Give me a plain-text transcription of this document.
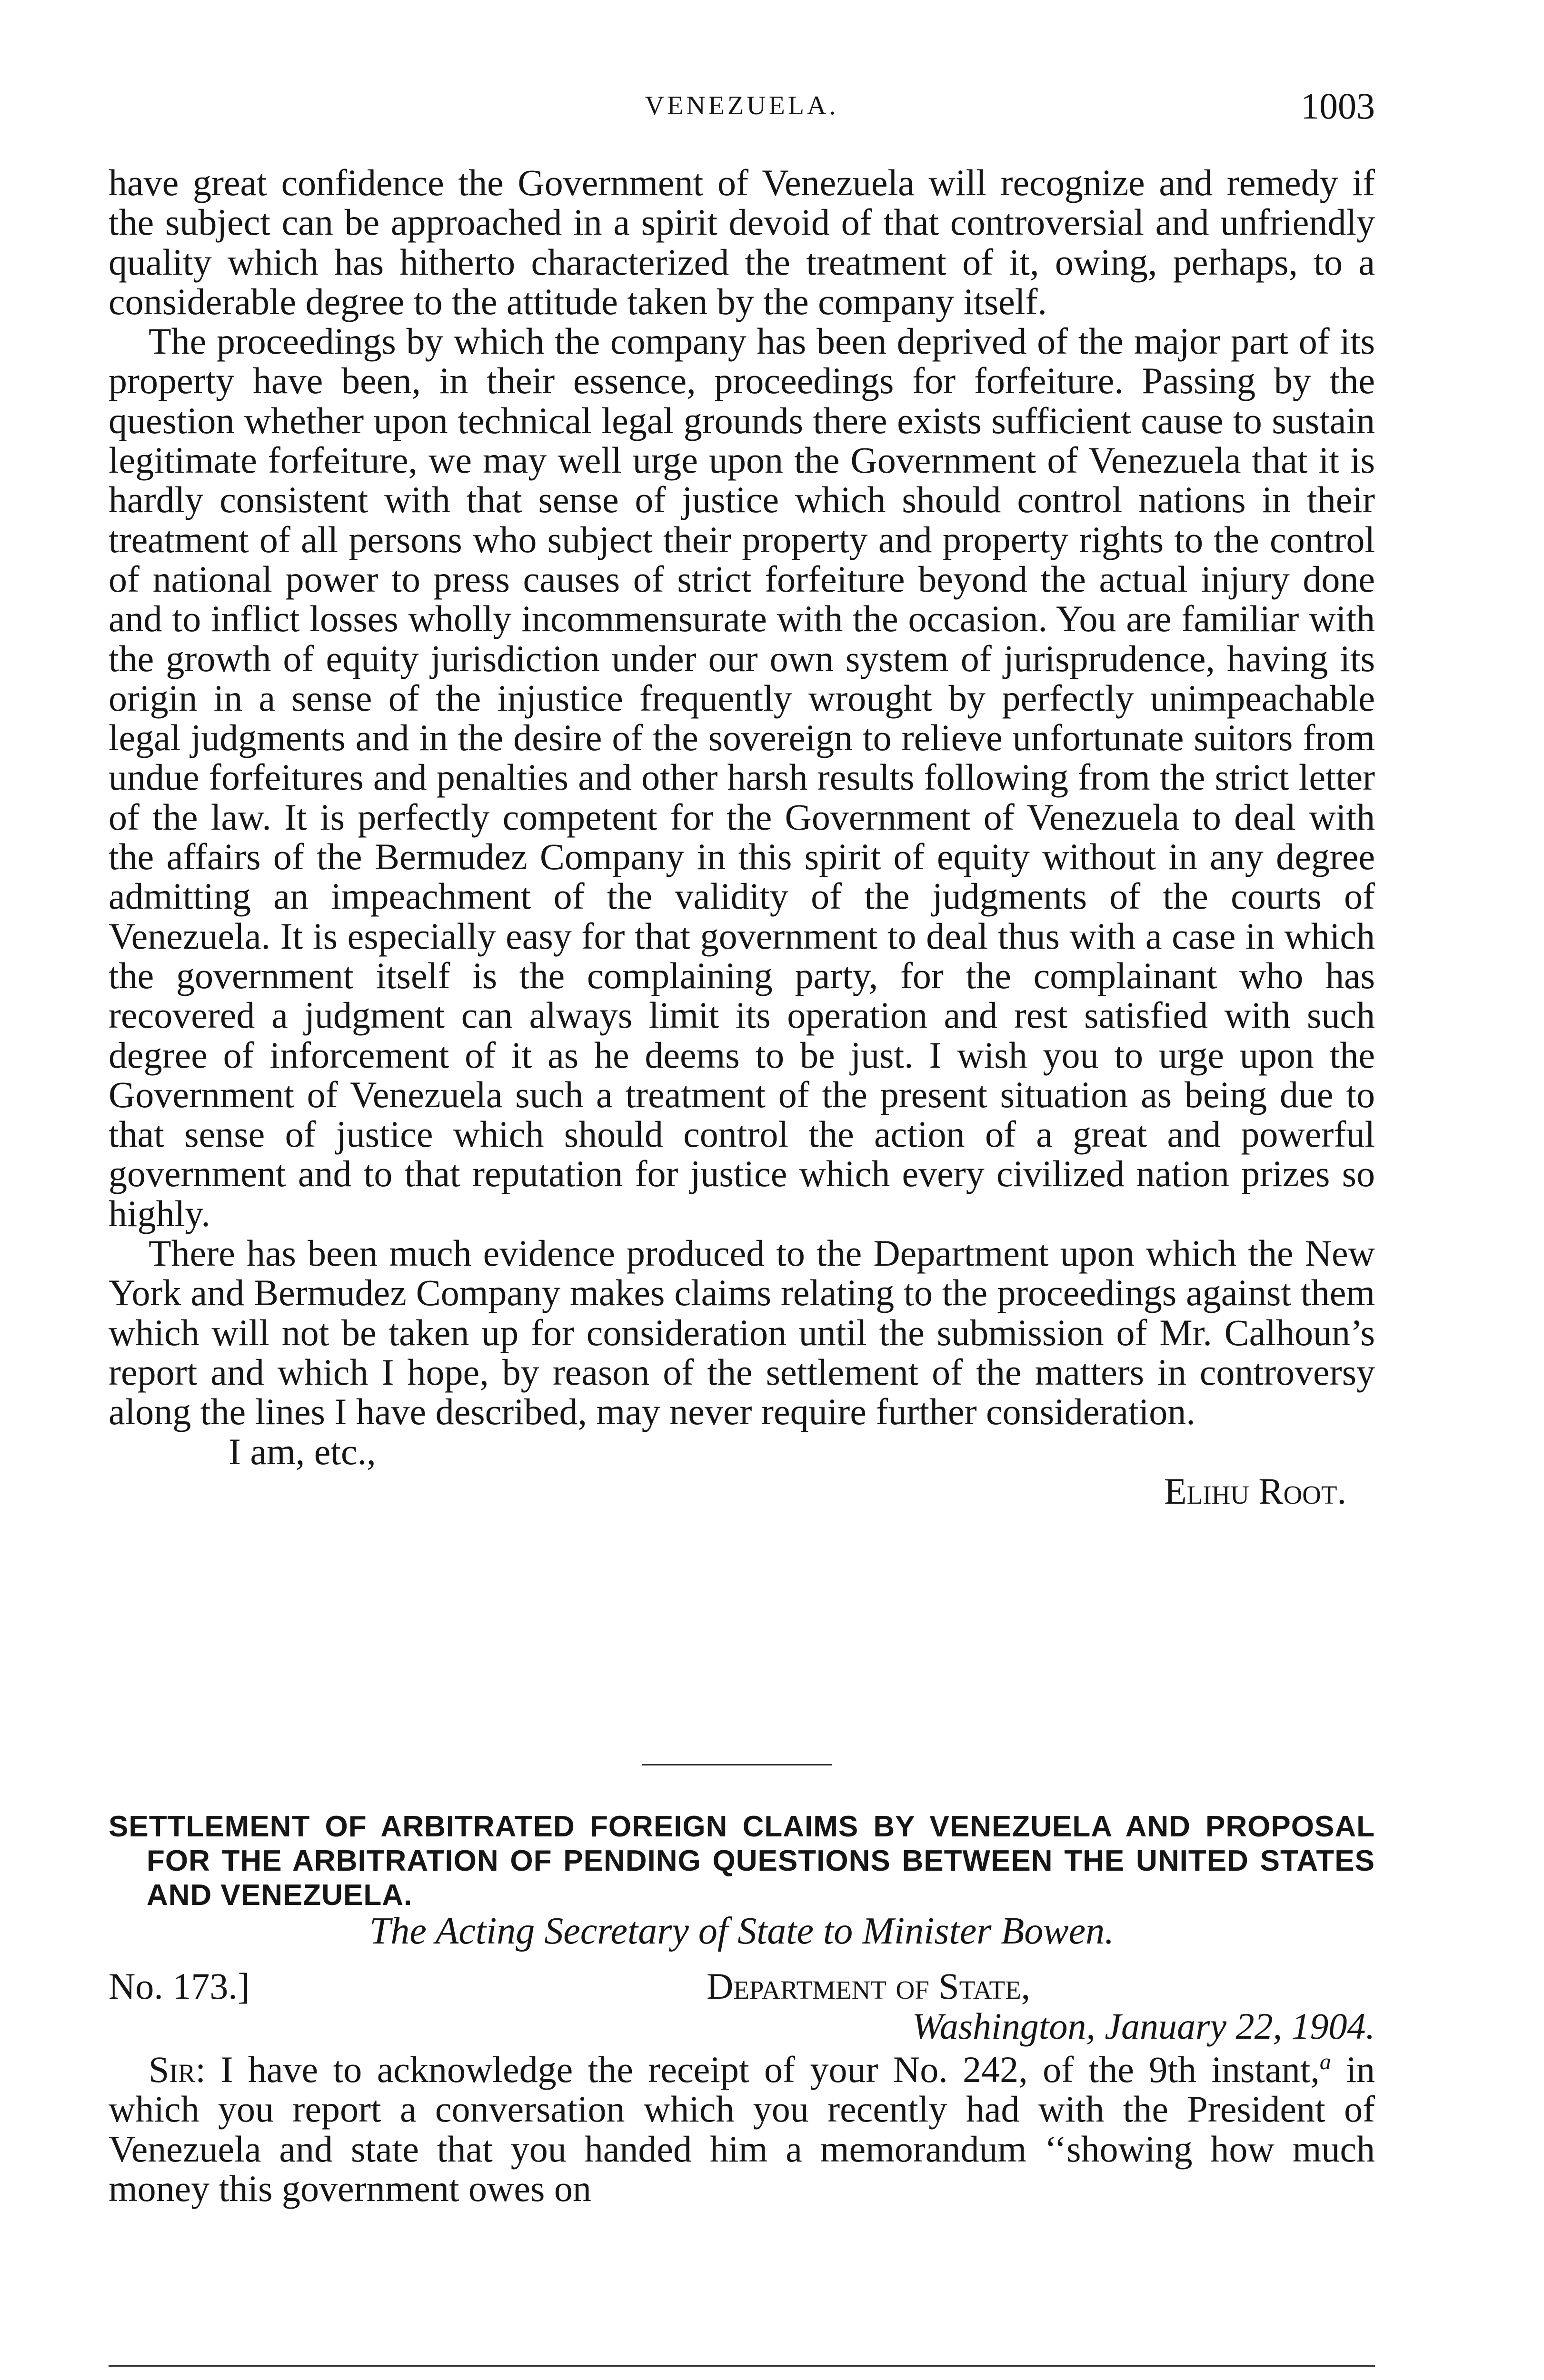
VENEZUELA.	1003

have great confidence the Government of Venezuela will recognize and remedy if the subject can be approached in a spirit devoid of that controversial and unfriendly quality which has hitherto characterized the treatment of it, owing, perhaps, to a considerable degree to the attitude taken by the company itself.

The proceedings by which the company has been deprived of the major part of its property have been, in their essence, proceedings for forfeiture. Passing by the question whether upon technical legal grounds there exists sufficient cause to sustain legitimate forfeiture, we may well urge upon the Government of Venezuela that it is hardly consistent with that sense of justice which should control nations in their treatment of all persons who subject their property and property rights to the control of national power to press causes of strict forfeiture beyond the actual injury done and to inflict losses wholly incommensurate with the occasion. You are familiar with the growth of equity jurisdiction under our own system of jurisprudence, having its origin in a sense of the injustice frequently wrought by perfectly unimpeachable legal judgments and in the desire of the sovereign to relieve unfortunate suitors from undue forfeitures and penalties and other harsh results following from the strict letter of the law. It is perfectly competent for the Government of Venezuela to deal with the affairs of the Bermudez Company in this spirit of equity without in any degree admitting an impeachment of the validity of the judgments of the courts of Venezuela. It is especially easy for that government to deal thus with a case in which the government itself is the complaining party, for the complainant who has recovered a judgment can always limit its operation and rest satisfied with such degree of inforcement of it as he deems to be just. I wish you to urge upon the Government of Venezuela such a treatment of the present situation as being due to that sense of justice which should control the action of a great and powerful government and to that reputation for justice which every civilized nation prizes so highly.

There has been much evidence produced to the Department upon which the New York and Bermudez Company makes claims relating to the proceedings against them which will not be taken up for consideration until the submission of Mr. Calhoun’s report and which I hope, by reason of the settlement of the matters in controversy along the lines I have described, may never require further consideration.

I am, etc.,

Elihu Root.

SETTLEMENT OF ARBITRATED FOREIGN CLAIMS BY VENEZUELA AND PROPOSAL FOR THE ARBITRATION OF PENDING QUESTIONS BETWEEN THE UNITED STATES AND VENEZUELA.

The Acting Secretary of State to Minister Bowen.
No. 173.]	Department of State,
Washington, January 22, 1904.

Sir: I have to acknowledge the receipt of your No. 242, of the 9th instant,$^a$ in which you report a conversation which you recently had with the President of Venezuela and state that you handed him a memorandum ‘‘showing how much money this government owes on
